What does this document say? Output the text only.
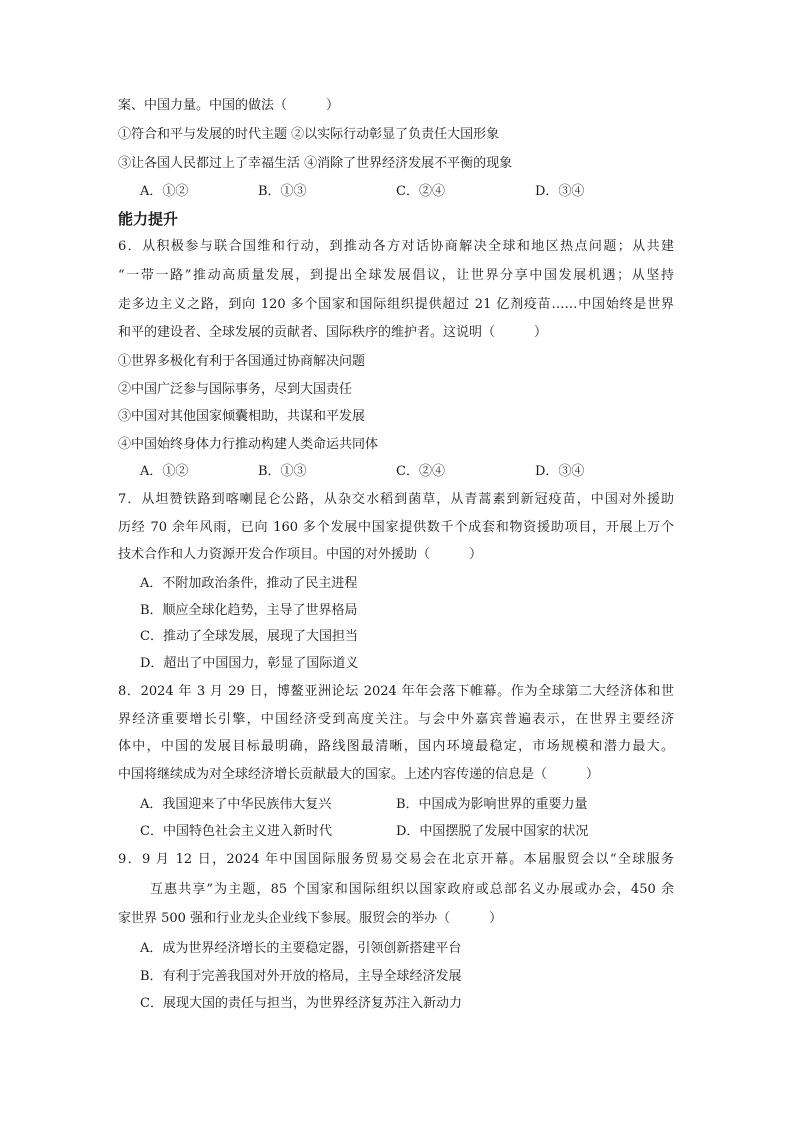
案、中国力量。中国的做法（　　　）
①符合和平与发展的时代主题 ②以实际行动彰显了负责任大国形象
③让各国人民都过上了幸福生活 ④消除了世界经济发展不平衡的现象
A．①②	B．①③	C．②④	D．③④
能力提升
6．从积极参与联合国维和行动，到推动各方对话协商解决全球和地区热点问题；从共建
“一带一路”推动高质量发展，到提出全球发展倡议，让世界分享中国发展机遇；从坚持
走多边主义之路，到向 120 多个国家和国际组织提供超过 21 亿剂疫苗……中国始终是世界
和平的建设者、全球发展的贡献者、国际秩序的维护者。这说明（　　　）
①世界多极化有利于各国通过协商解决问题
②中国广泛参与国际事务，尽到大国责任
③中国对其他国家倾囊相助，共谋和平发展
④中国始终身体力行推动构建人类命运共同体
A．①②	B．①③	C．②④	D．③④
7．从坦赞铁路到喀喇昆仑公路，从杂交水稻到菌草，从青蒿素到新冠疫苗，中国对外援助
历经 70 余年风雨，已向 160 多个发展中国家提供数千个成套和物资援助项目，开展上万个
技术合作和人力资源开发合作项目。中国的对外援助（　　　）
A．不附加政治条件，推动了民主进程
B．顺应全球化趋势，主导了世界格局
C．推动了全球发展，展现了大国担当
D．超出了中国国力，彰显了国际道义
8．2024 年 3 月 29 日，博鳌亚洲论坛 2024 年年会落下帷幕。作为全球第二大经济体和世
界经济重要增长引擎，中国经济受到高度关注。与会中外嘉宾普遍表示，在世界主要经济
体中，中国的发展目标最明确，路线图最清晰，国内环境最稳定，市场规模和潜力最大。
中国将继续成为对全球经济增长贡献最大的国家。上述内容传递的信息是（　　　）
A．我国迎来了中华民族伟大复兴	B．中国成为影响世界的重要力量
C．中国特色社会主义进入新时代	D．中国摆脱了发展中国家的状况
9．9 月 12 日，2024 年中国国际服务贸易交易会在北京开幕。本届服贸会以“全球服务
互惠共享”为主题，85 个国家和国际组织以国家政府或总部名义办展或办会，450 余
家世界 500 强和行业龙头企业线下参展。服贸会的举办（　　　）
A．成为世界经济增长的主要稳定器，引领创新搭建平台
B．有利于完善我国对外开放的格局，主导全球经济发展
C．展现大国的责任与担当，为世界经济复苏注入新动力
